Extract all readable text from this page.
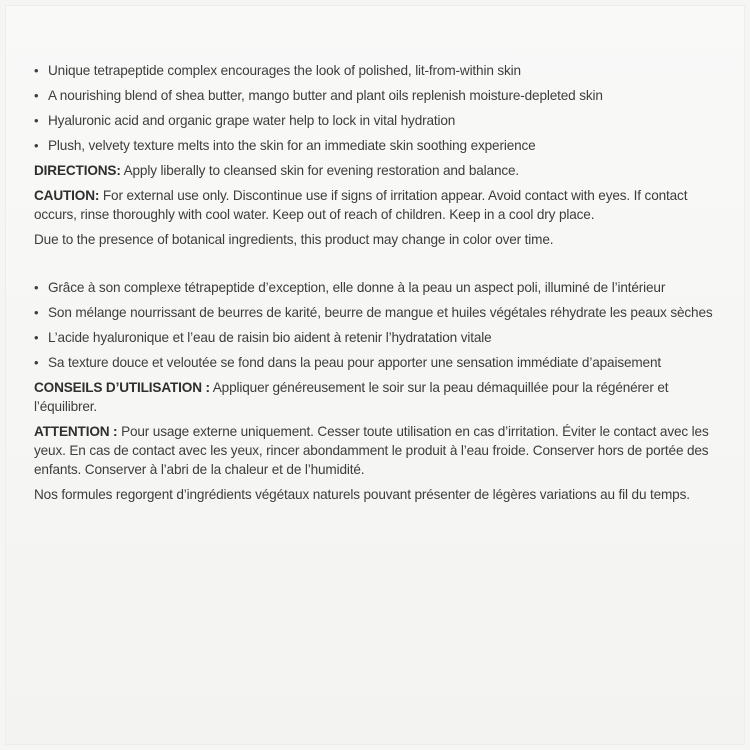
• Unique tetrapeptide complex encourages the look of polished, lit-from-within skin
• A nourishing blend of shea butter, mango butter and plant oils replenish moisture-depleted skin
• Hyaluronic acid and organic grape water help to lock in vital hydration
• Plush, velvety texture melts into the skin for an immediate skin soothing experience

DIRECTIONS: Apply liberally to cleansed skin for evening restoration and balance.

CAUTION: For external use only. Discontinue use if signs of irritation appear. Avoid contact with eyes. If contact occurs, rinse thoroughly with cool water. Keep out of reach of children. Keep in a cool dry place.

Due to the presence of botanical ingredients, this product may change in color over time.

• Grâce à son complexe tétrapeptide d’exception, elle donne à la peau un aspect poli, illuminé de l’intérieur
• Son mélange nourrissant de beurres de karité, beurre de mangue et huiles végétales réhydrate les peaux sèches
• L’acide hyaluronique et l’eau de raisin bio aident à retenir l’hydratation vitale
• Sa texture douce et veloutée se fond dans la peau pour apporter une sensation immédiate d’apaisement

CONSEILS D’UTILISATION : Appliquer généreusement le soir sur la peau démaquillée pour la régénérer et l’équilibrer.

ATTENTION : Pour usage externe uniquement. Cesser toute utilisation en cas d’irritation. Éviter le contact avec les yeux. En cas de contact avec les yeux, rincer abondamment le produit à l’eau froide. Conserver hors de portée des enfants. Conserver à l’abri de la chaleur et de l’humidité.

Nos formules regorgent d’ingrédients végétaux naturels pouvant présenter de légères variations au fil du temps.
